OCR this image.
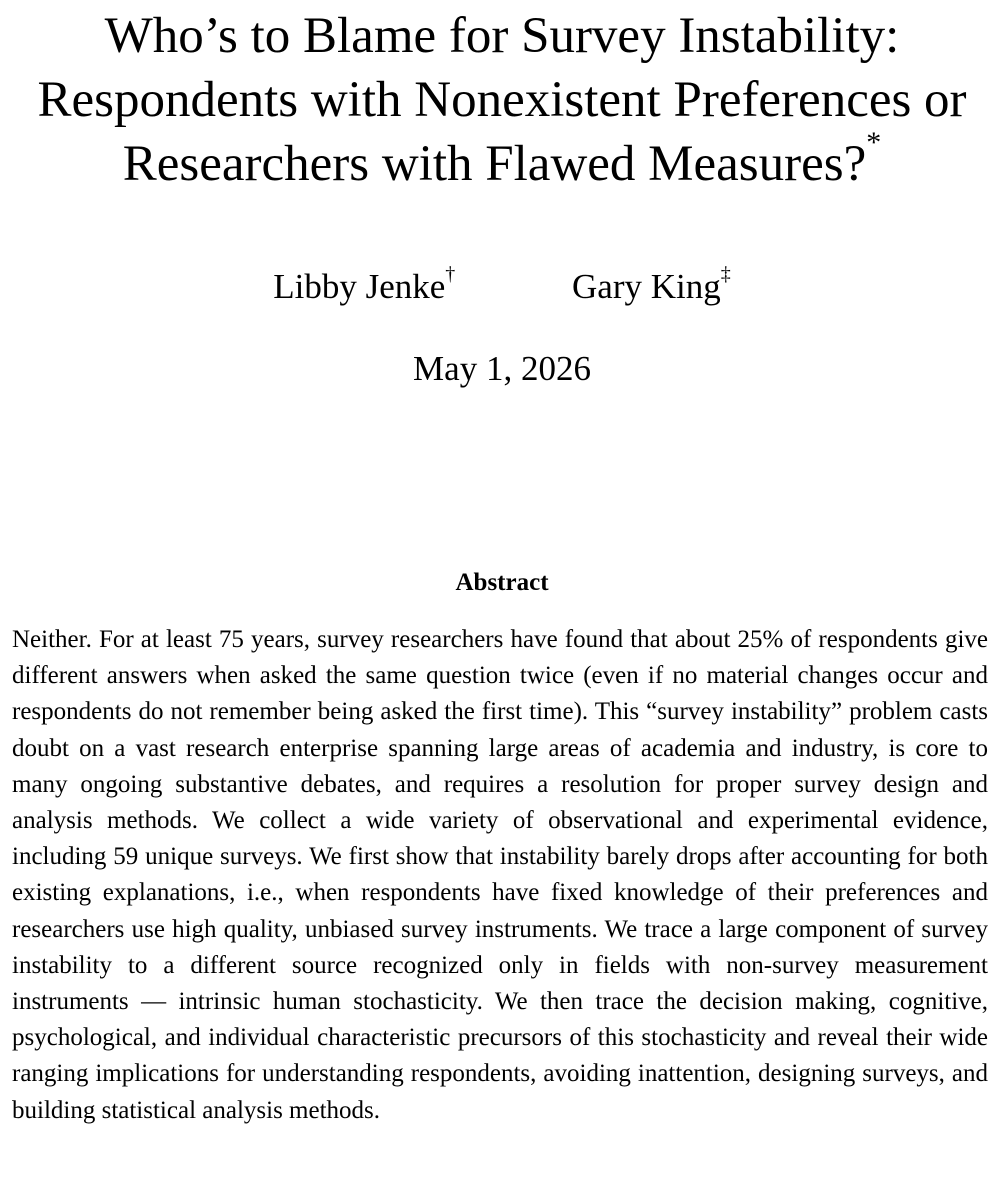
Who’s to Blame for Survey Instability:
Respondents with Nonexistent Preferences or
Researchers with Flawed Measures?*
Libby Jenke†	Gary King‡
May 1, 2026
Abstract

Neither. For at least 75 years, survey researchers have found that about 25% of respondents give different answers when asked the same question twice (even if no material changes occur and respondents do not remember being asked the first time). This “survey instability” problem casts doubt on a vast research enterprise spanning large areas of academia and industry, is core to many ongoing substantive debates, and requires a resolution for proper survey design and analysis methods. We collect a wide variety of observational and experimental evidence, including 59 unique surveys. We first show that instability barely drops after accounting for both existing explanations, i.e., when respondents have fixed knowledge of their preferences and researchers use high quality, unbiased survey instruments. We trace a large component of survey instability to a different source recognized only in fields with non-survey measurement instruments — intrinsic human stochasticity. We then trace the decision making, cognitive, psychological, and individual characteristic precursors of this stochasticity and reveal their wide ranging implications for understanding respondents, avoiding inattention, designing surveys, and building statistical analysis methods.
